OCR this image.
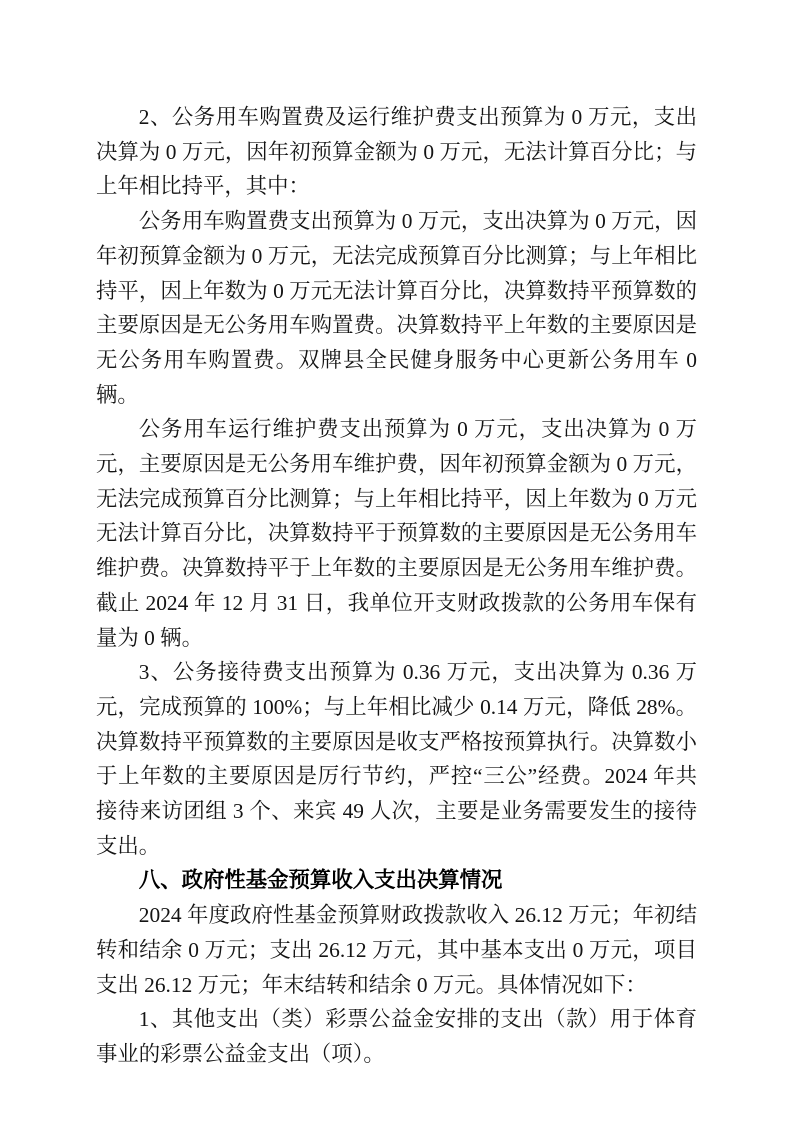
2、公务用车购置费及运行维护费支出预算为 0 万元，支出决算为 0 万元，因年初预算金额为 0 万元，无法计算百分比；与上年相比持平，其中：

公务用车购置费支出预算为 0 万元，支出决算为 0 万元，因年初预算金额为 0 万元，无法完成预算百分比测算；与上年相比持平，因上年数为 0 万元无法计算百分比，决算数持平预算数的主要原因是无公务用车购置费。决算数持平上年数的主要原因是无公务用车购置费。双牌县全民健身服务中心更新公务用车 0 辆。

公务用车运行维护费支出预算为 0 万元，支出决算为 0 万元，主要原因是无公务用车维护费，因年初预算金额为 0 万元，无法完成预算百分比测算；与上年相比持平，因上年数为 0 万元无法计算百分比，决算数持平于预算数的主要原因是无公务用车维护费。决算数持平于上年数的主要原因是无公务用车维护费。截止 2024 年 12 月 31 日，我单位开支财政拨款的公务用车保有量为 0 辆。

3、公务接待费支出预算为 0.36 万元，支出决算为 0.36 万元，完成预算的 100%；与上年相比减少 0.14 万元，降低 28%。决算数持平预算数的主要原因是收支严格按预算执行。决算数小于上年数的主要原因是厉行节约，严控“三公”经费。2024 年共接待来访团组 3 个、来宾 49 人次，主要是业务需要发生的接待支出。

八、政府性基金预算收入支出决算情况

2024 年度政府性基金预算财政拨款收入 26.12 万元；年初结转和结余 0 万元；支出 26.12 万元，其中基本支出 0 万元，项目支出 26.12 万元；年末结转和结余 0 万元。具体情况如下：

1、其他支出（类）彩票公益金安排的支出（款）用于体育事业的彩票公益金支出（项）。
